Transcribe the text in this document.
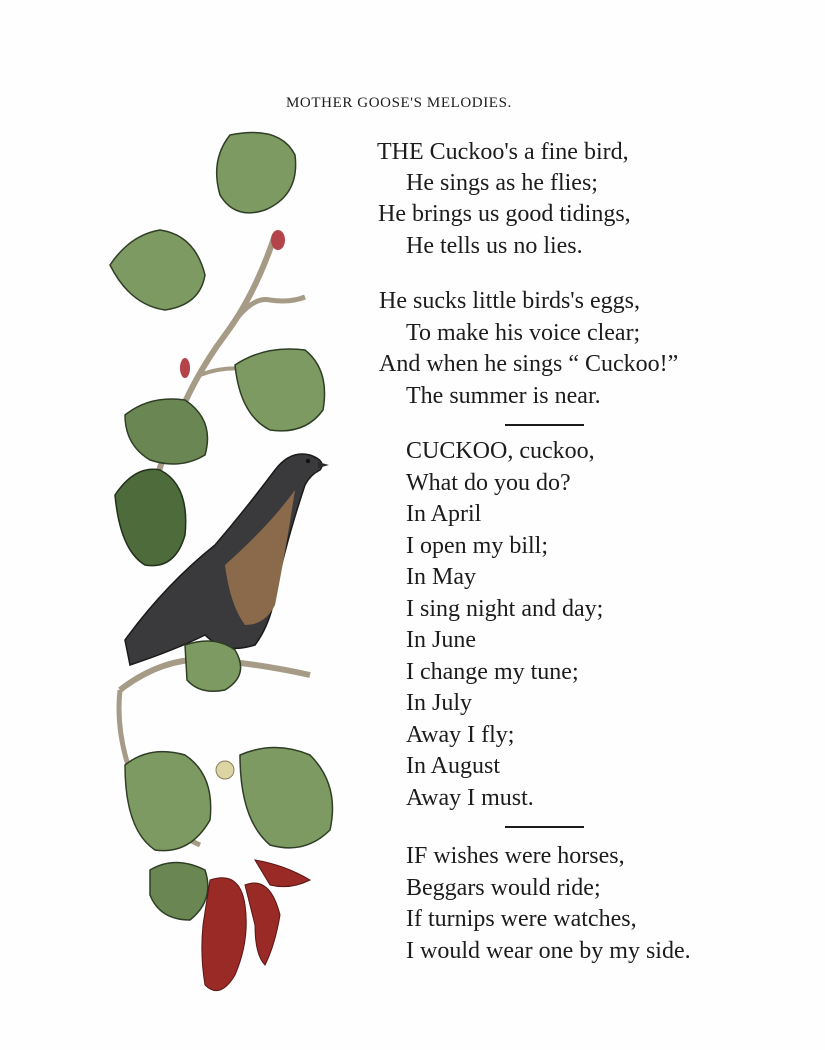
MOTHER GOOSE'S MELODIES.
THE Cuckoo's a fine bird,
He sings as he flies;
He brings us good tidings,
He tells us no lies.
He sucks little birds's eggs,
To make his voice clear;
And when he sings “ Cuckoo!”
The summer is near.
CUCKOO, cuckoo,
What do you do?
In April
I open my bill;
In May
I sing night and day;
In June
I change my tune;
In July
Away I fly;
In August
Away I must.
IF wishes were horses,
Beggars would ride;
If turnips were watches,
I would wear one by my side.
